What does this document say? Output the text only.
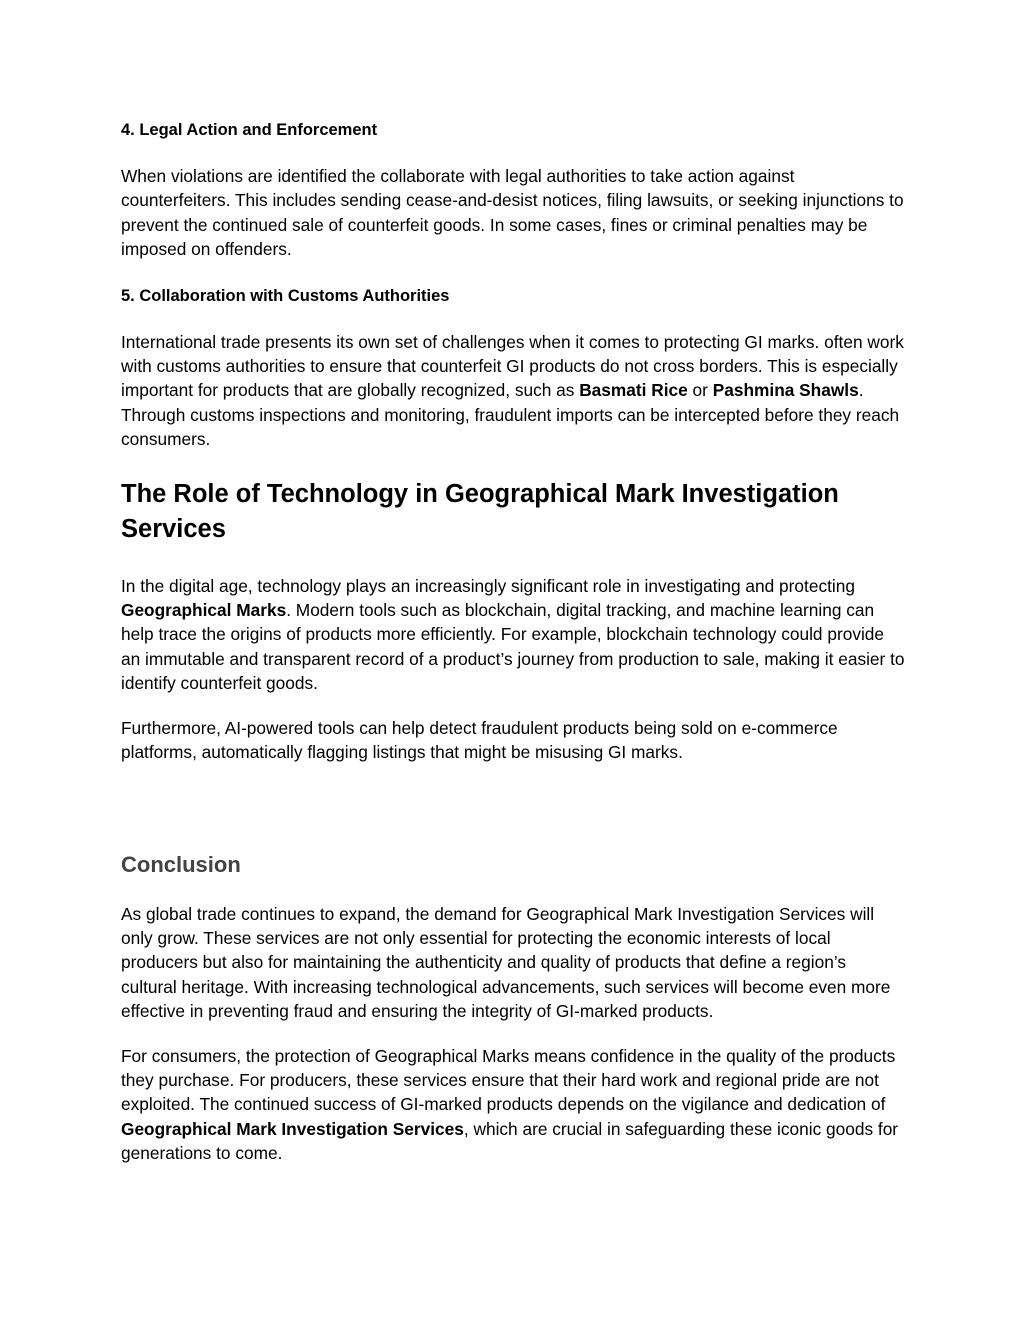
4. Legal Action and Enforcement

When violations are identified the collaborate with legal authorities to take action against counterfeiters. This includes sending cease-and-desist notices, filing lawsuits, or seeking injunctions to prevent the continued sale of counterfeit goods. In some cases, fines or criminal penalties may be imposed on offenders.

5. Collaboration with Customs Authorities

International trade presents its own set of challenges when it comes to protecting GI marks. often work with customs authorities to ensure that counterfeit GI products do not cross borders. This is especially important for products that are globally recognized, such as Basmati Rice or Pashmina Shawls. Through customs inspections and monitoring, fraudulent imports can be intercepted before they reach consumers.

The Role of Technology in Geographical Mark Investigation Services

In the digital age, technology plays an increasingly significant role in investigating and protecting Geographical Marks. Modern tools such as blockchain, digital tracking, and machine learning can help trace the origins of products more efficiently. For example, blockchain technology could provide an immutable and transparent record of a product’s journey from production to sale, making it easier to identify counterfeit goods.

Furthermore, AI-powered tools can help detect fraudulent products being sold on e-commerce platforms, automatically flagging listings that might be misusing GI marks.

Conclusion

As global trade continues to expand, the demand for Geographical Mark Investigation Services will only grow. These services are not only essential for protecting the economic interests of local producers but also for maintaining the authenticity and quality of products that define a region’s cultural heritage. With increasing technological advancements, such services will become even more effective in preventing fraud and ensuring the integrity of GI-marked products.

For consumers, the protection of Geographical Marks means confidence in the quality of the products they purchase. For producers, these services ensure that their hard work and regional pride are not exploited. The continued success of GI-marked products depends on the vigilance and dedication of Geographical Mark Investigation Services, which are crucial in safeguarding these iconic goods for generations to come.
